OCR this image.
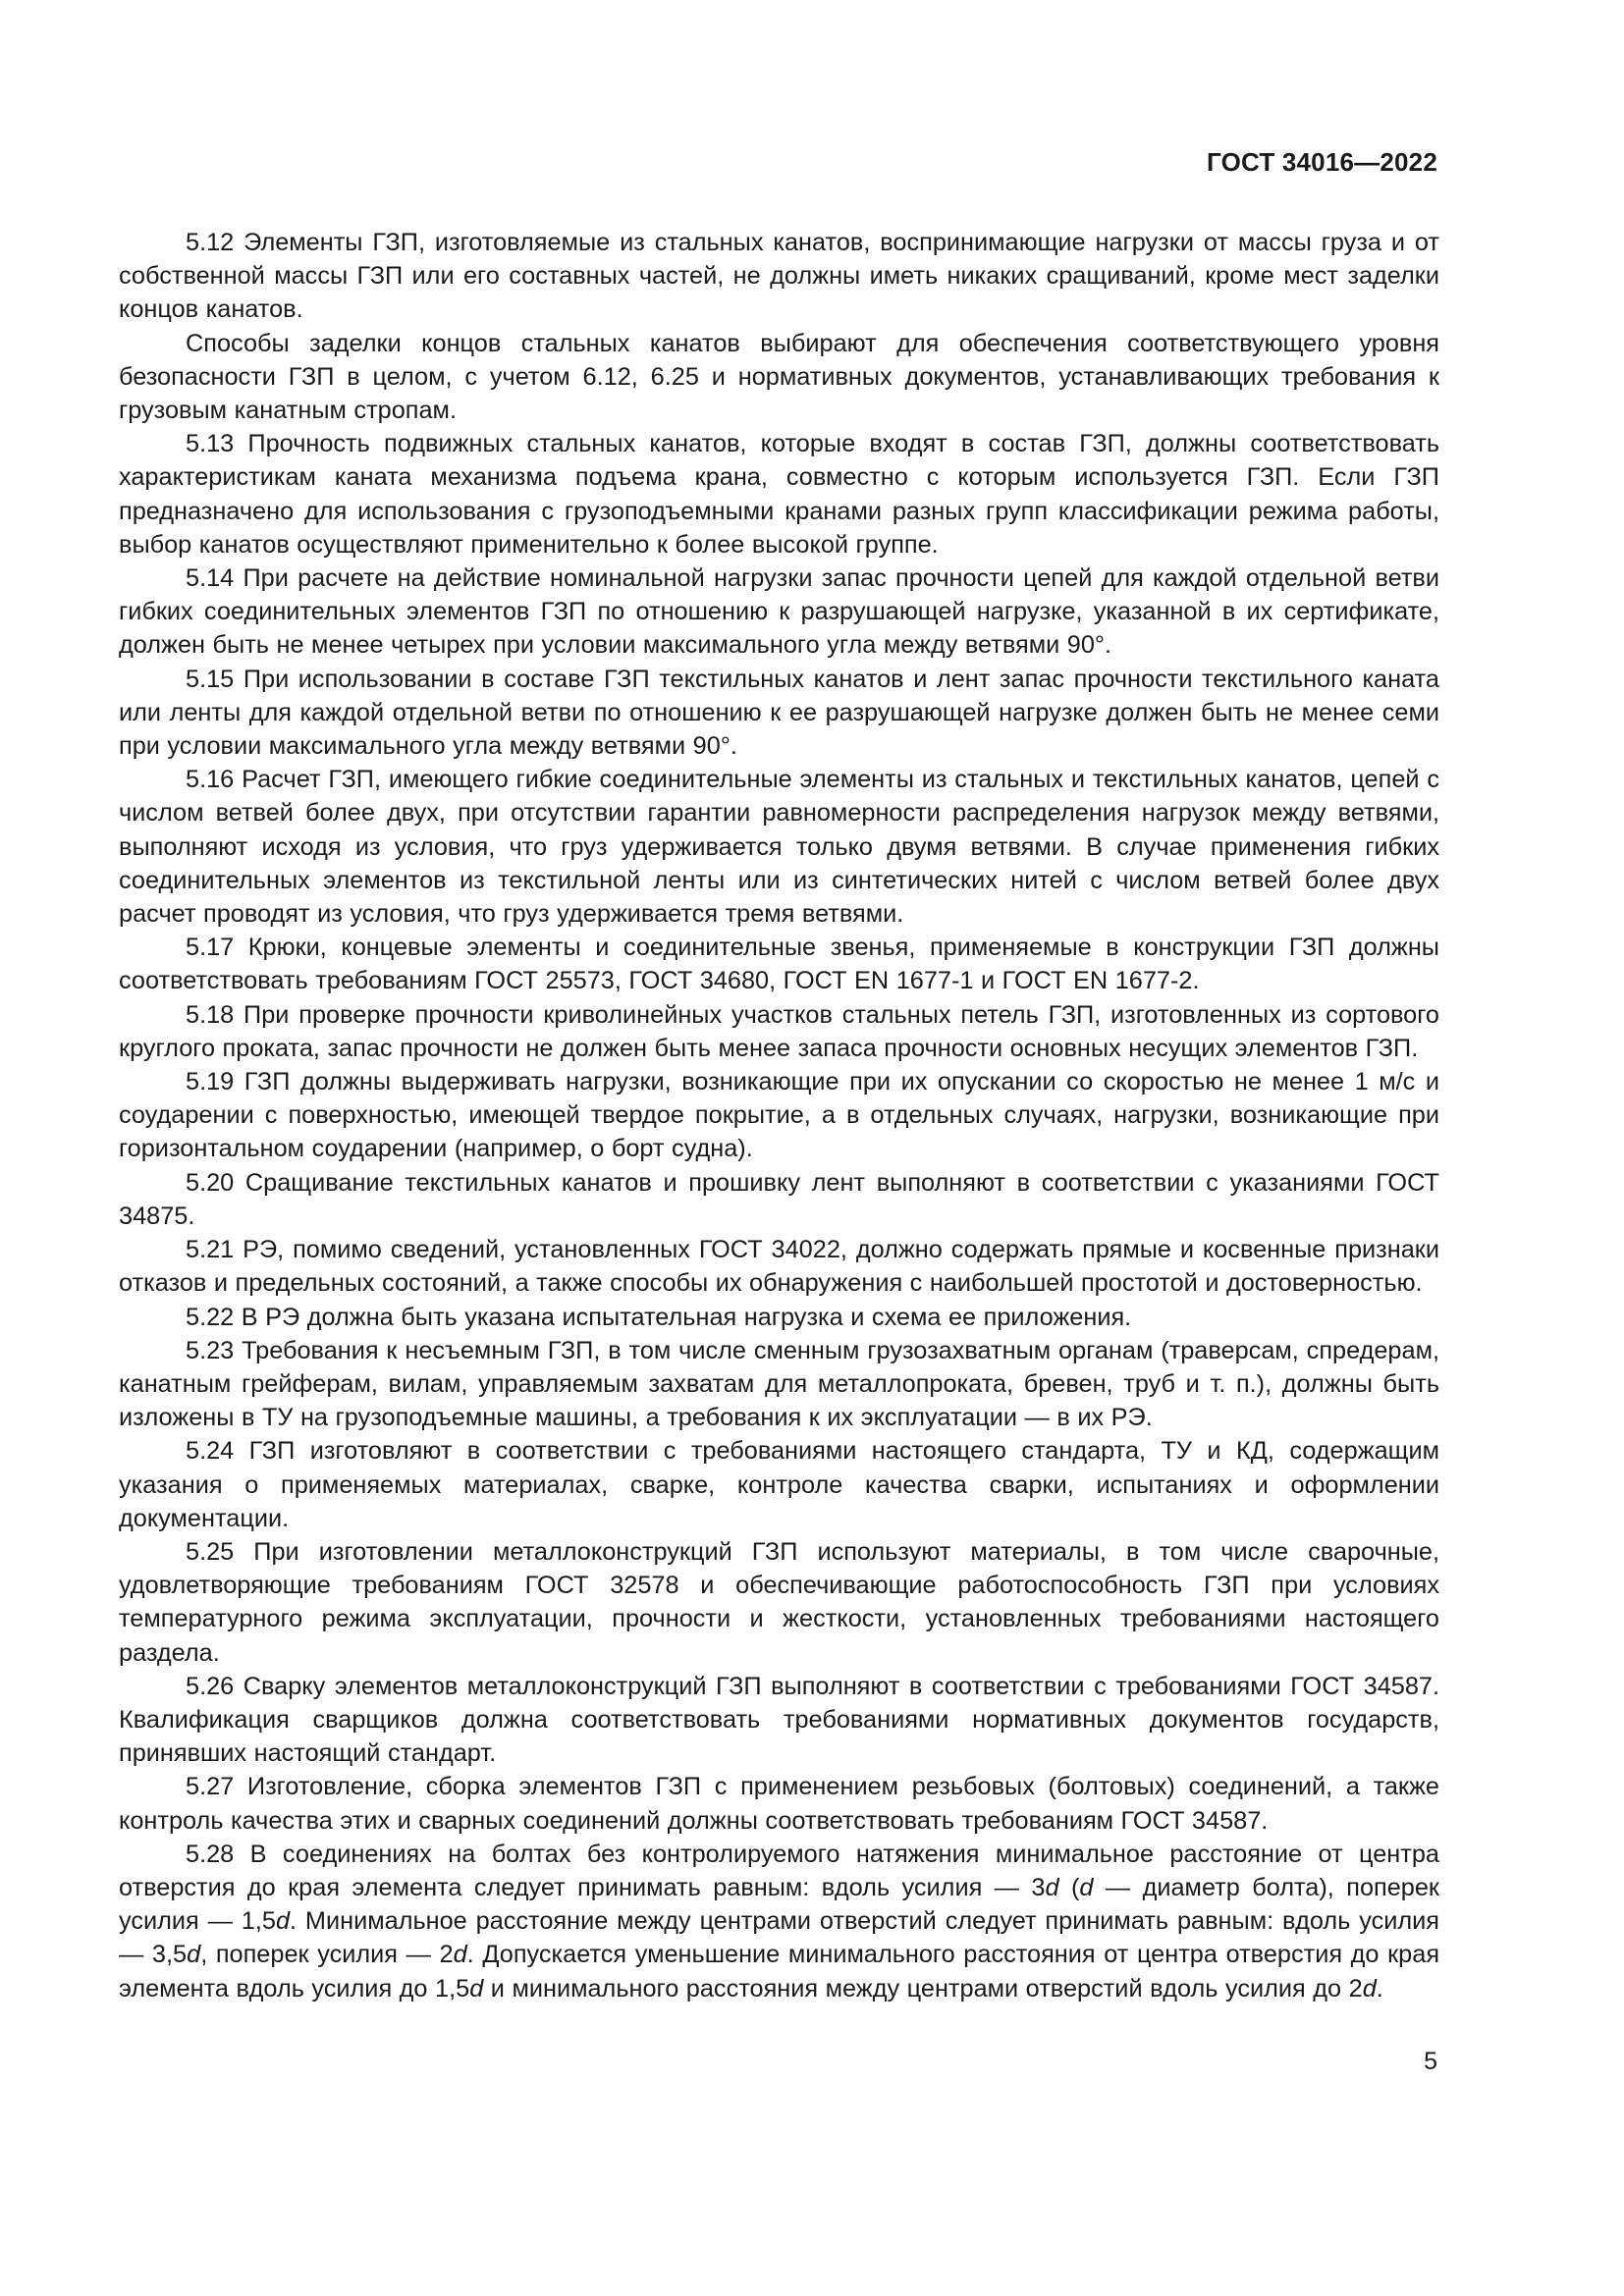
ГОСТ 34016—2022

5.12 Элементы ГЗП, изготовляемые из стальных канатов, воспринимающие нагрузки от массы груза и от собственной массы ГЗП или его составных частей, не должны иметь никаких сращиваний, кроме мест заделки концов канатов.

Способы заделки концов стальных канатов выбирают для обеспечения соответствующего уровня безопасности ГЗП в целом, с учетом 6.12, 6.25 и нормативных документов, устанавливающих требования к грузовым канатным стропам.

5.13 Прочность подвижных стальных канатов, которые входят в состав ГЗП, должны соответствовать характеристикам каната механизма подъема крана, совместно с которым используется ГЗП. Если ГЗП предназначено для использования с грузоподъемными кранами разных групп классификации режима работы, выбор канатов осуществляют применительно к более высокой группе.

5.14 При расчете на действие номинальной нагрузки запас прочности цепей для каждой отдельной ветви гибких соединительных элементов ГЗП по отношению к разрушающей нагрузке, указанной в их сертификате, должен быть не менее четырех при условии максимального угла между ветвями 90°.

5.15 При использовании в составе ГЗП текстильных канатов и лент запас прочности текстильного каната или ленты для каждой отдельной ветви по отношению к ее разрушающей нагрузке должен быть не менее семи при условии максимального угла между ветвями 90°.

5.16 Расчет ГЗП, имеющего гибкие соединительные элементы из стальных и текстильных канатов, цепей с числом ветвей более двух, при отсутствии гарантии равномерности распределения нагрузок между ветвями, выполняют исходя из условия, что груз удерживается только двумя ветвями. В случае применения гибких соединительных элементов из текстильной ленты или из синтетических нитей с числом ветвей более двух расчет проводят из условия, что груз удерживается тремя ветвями.

5.17 Крюки, концевые элементы и соединительные звенья, применяемые в конструкции ГЗП должны соответствовать требованиям ГОСТ 25573, ГОСТ 34680, ГОСТ EN 1677-1 и ГОСТ EN 1677-2.

5.18 При проверке прочности криволинейных участков стальных петель ГЗП, изготовленных из сортового круглого проката, запас прочности не должен быть менее запаса прочности основных несущих элементов ГЗП.

5.19 ГЗП должны выдерживать нагрузки, возникающие при их опускании со скоростью не менее 1 м/с и соударении с поверхностью, имеющей твердое покрытие, а в отдельных случаях, нагрузки, возникающие при горизонтальном соударении (например, о борт судна).

5.20 Сращивание текстильных канатов и прошивку лент выполняют в соответствии с указаниями ГОСТ 34875.

5.21 РЭ, помимо сведений, установленных ГОСТ 34022, должно содержать прямые и косвенные признаки отказов и предельных состояний, а также способы их обнаружения с наибольшей простотой и достоверностью.

5.22 В РЭ должна быть указана испытательная нагрузка и схема ее приложения.

5.23 Требования к несъемным ГЗП, в том числе сменным грузозахватным органам (траверсам, спредерам, канатным грейферам, вилам, управляемым захватам для металлопроката, бревен, труб и т. п.), должны быть изложены в ТУ на грузоподъемные машины, а требования к их эксплуатации — в их РЭ.

5.24 ГЗП изготовляют в соответствии с требованиями настоящего стандарта, ТУ и КД, содержащим указания о применяемых материалах, сварке, контроле качества сварки, испытаниях и оформлении документации.

5.25 При изготовлении металлоконструкций ГЗП используют материалы, в том числе сварочные, удовлетворяющие требованиям ГОСТ 32578 и обеспечивающие работоспособность ГЗП при условиях температурного режима эксплуатации, прочности и жесткости, установленных требованиями настоящего раздела.

5.26 Сварку элементов металлоконструкций ГЗП выполняют в соответствии с требованиями ГОСТ 34587. Квалификация сварщиков должна соответствовать требованиями нормативных документов государств, принявших настоящий стандарт.

5.27 Изготовление, сборка элементов ГЗП с применением резьбовых (болтовых) соединений, а также контроль качества этих и сварных соединений должны соответствовать требованиям ГОСТ 34587.

5.28 В соединениях на болтах без контролируемого натяжения минимальное расстояние от центра отверстия до края элемента следует принимать равным: вдоль усилия — 3d (d — диаметр болта), поперек усилия — 1,5d. Минимальное расстояние между центрами отверстий следует принимать равным: вдоль усилия — 3,5d, поперек усилия — 2d. Допускается уменьшение минимального расстояния от центра отверстия до края элемента вдоль усилия до 1,5d и минимального расстояния между центрами отверстий вдоль усилия до 2d.

5
